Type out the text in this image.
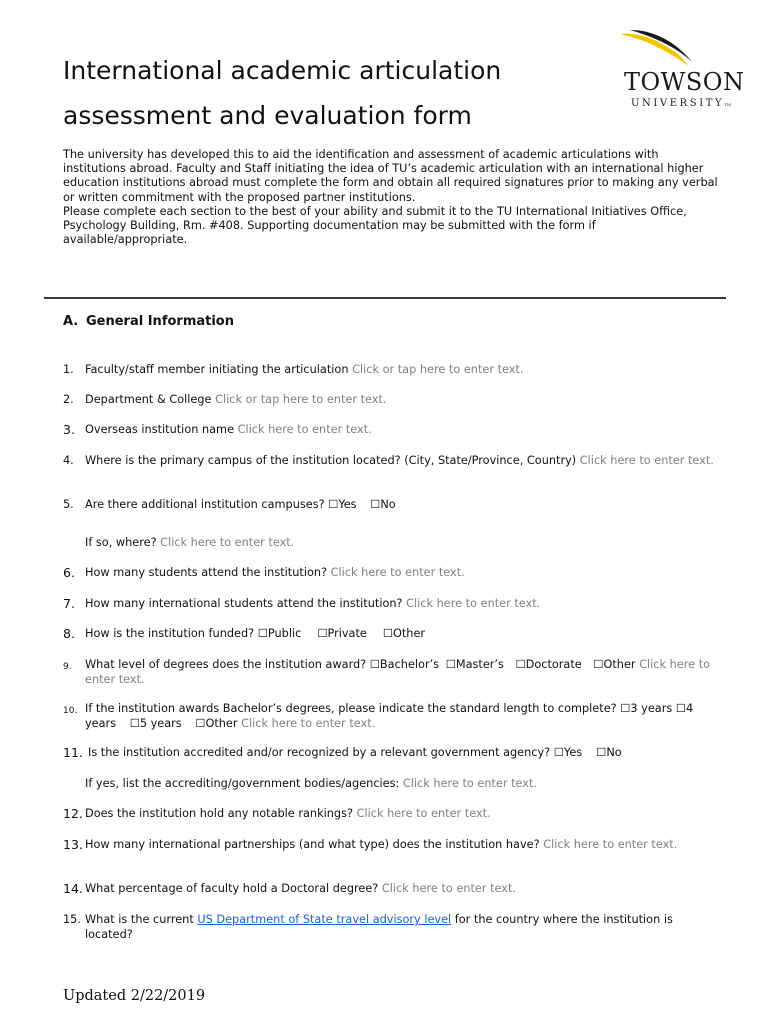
International academic articulation
assessment and evaluation form
TOWSON
UNIVERSITYTM

The university has developed this to aid the identification and assessment of academic articulations with institutions abroad. Faculty and Staff initiating the idea of TU’s academic articulation with an international higher education institutions abroad must complete the form and obtain all required signatures prior to making any verbal or written commitment with the proposed partner institutions.

Please complete each section to the best of your ability and submit it to the TU International Initiatives Office, Psychology Building, Rm. #408. Supporting documentation may be submitted with the form if available/appropriate.

A. General Information
1. Faculty/staff member initiating the articulation Click or tap here to enter text.
2. Department & College Click or tap here to enter text.
3. Overseas institution name Click here to enter text.
4. Where is the primary campus of the institution located? (City, State/Province, Country) Click here to enter text.
5. Are there additional institution campuses? ☐Yes ☐No
If so, where? Click here to enter text.
6. How many students attend the institution? Click here to enter text.
7. How many international students attend the institution? Click here to enter text.
8. How is the institution funded? ☐Public ☐Private ☐Other
9.	What level of degrees does the institution award? ☐Bachelor’s ☐Master’s ☐Doctorate ☐Other Click here to enter text.
10. If the institution awards Bachelor’s degrees, please indicate the standard length to complete? ☐3 years ☐4 years ☐5 years ☐Other Click here to enter text.
11. Is the institution accredited and/or recognized by a relevant government agency? ☐Yes ☐No
If yes, list the accrediting/government bodies/agencies: Click here to enter text.
12. Does the institution hold any notable rankings? Click here to enter text.
13. How many international partnerships (and what type) does the institution have? Click here to enter text.
14. What percentage of faculty hold a Doctoral degree? Click here to enter text.
15. What is the current US Department of State travel advisory level for the country where the institution is located?
Updated 2/22/2019
